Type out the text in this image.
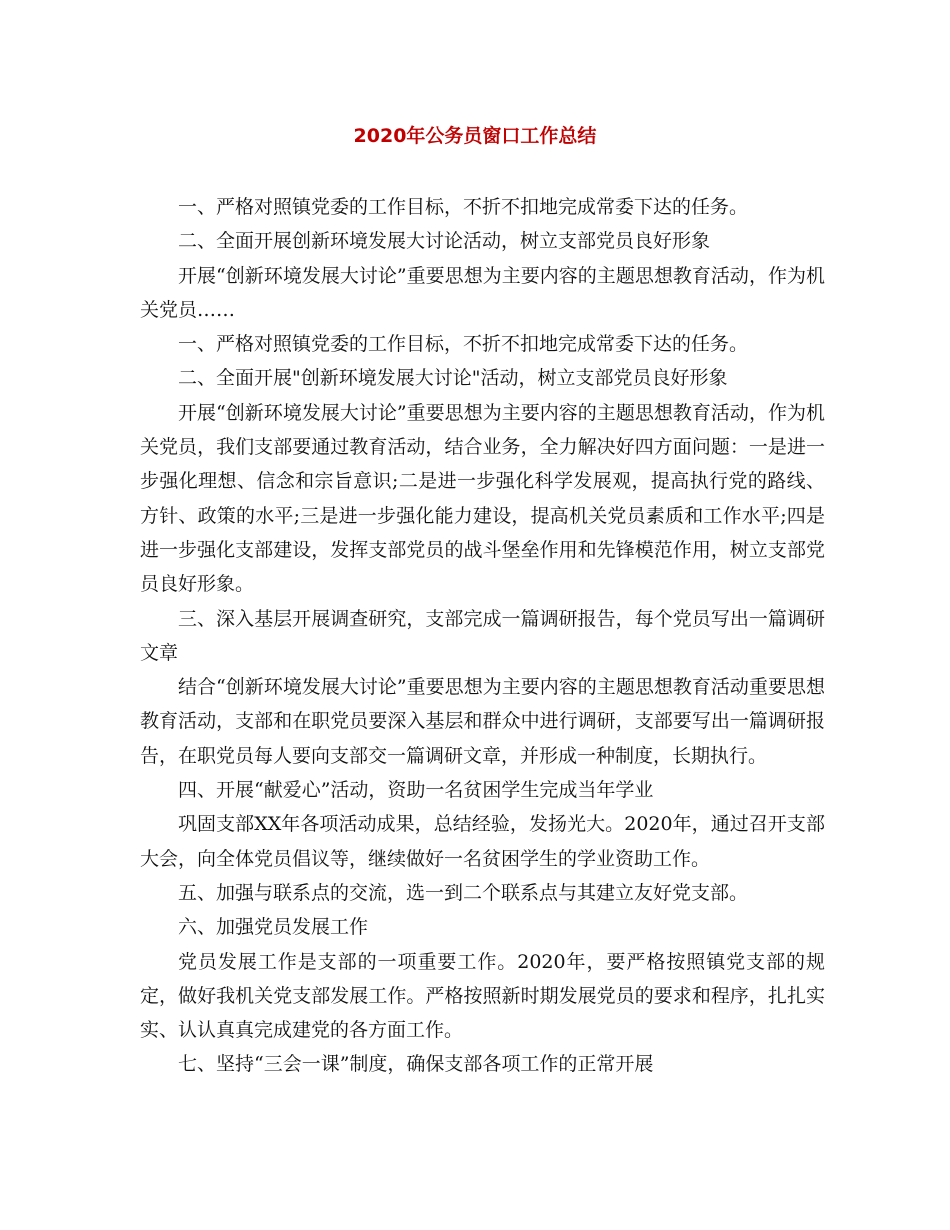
2020年公务员窗口工作总结

一、严格对照镇党委的工作目标，不折不扣地完成常委下达的任务。

二、全面开展创新环境发展大讨论活动，树立支部党员良好形象

开展“创新环境发展大讨论”重要思想为主要内容的主题思想教育活动，作为机关党员……

一、严格对照镇党委的工作目标，不折不扣地完成常委下达的任务。

二、全面开展"创新环境发展大讨论"活动，树立支部党员良好形象

开展“创新环境发展大讨论”重要思想为主要内容的主题思想教育活动，作为机关党员，我们支部要通过教育活动，结合业务，全力解决好四方面问题：一是进一步强化理想、信念和宗旨意识;二是进一步强化科学发展观，提高执行党的路线、方针、政策的水平;三是进一步强化能力建设，提高机关党员素质和工作水平;四是进一步强化支部建设，发挥支部党员的战斗堡垒作用和先锋模范作用，树立支部党员良好形象。

三、深入基层开展调查研究，支部完成一篇调研报告，每个党员写出一篇调研文章

结合“创新环境发展大讨论”重要思想为主要内容的主题思想教育活动重要思想教育活动，支部和在职党员要深入基层和群众中进行调研，支部要写出一篇调研报告，在职党员每人要向支部交一篇调研文章，并形成一种制度，长期执行。

四、开展“献爱心”活动，资助一名贫困学生完成当年学业

巩固支部XX年各项活动成果，总结经验，发扬光大。2020年，通过召开支部大会，向全体党员倡议等，继续做好一名贫困学生的学业资助工作。

五、加强与联系点的交流，选一到二个联系点与其建立友好党支部。

六、加强党员发展工作

党员发展工作是支部的一项重要工作。2020年，要严格按照镇党支部的规定，做好我机关党支部发展工作。严格按照新时期发展党员的要求和程序，扎扎实实、认认真真完成建党的各方面工作。

七、坚持“三会一课”制度，确保支部各项工作的正常开展
